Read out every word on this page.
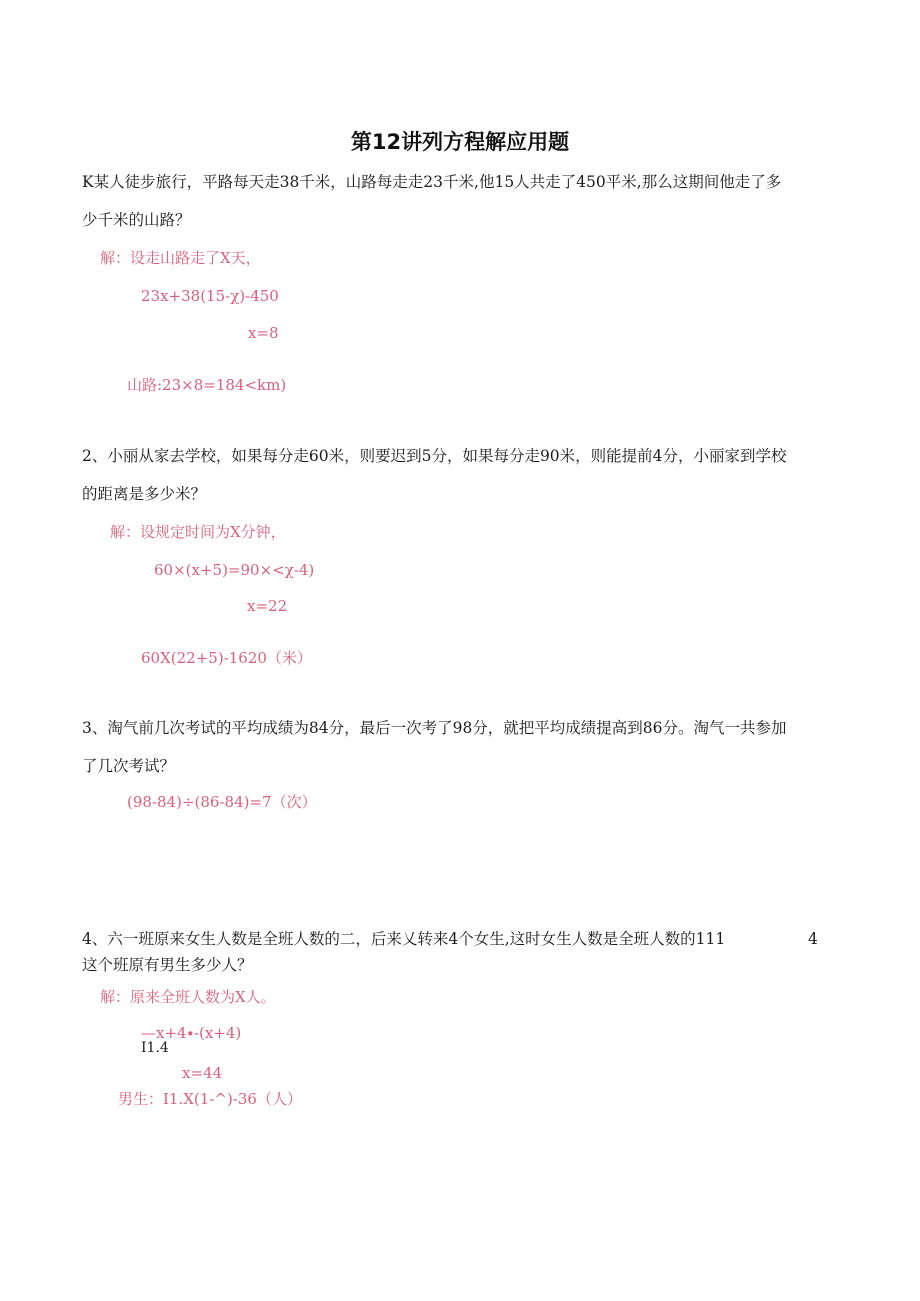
第12讲列方程解应用题
K某人徒步旅行，平路每天走38千米，山路每走走23千米,他15人共走了450平米,那么这期间他走了多
少千米的山路？
解：设走山路走了X天，
23x+38(15-χ)-450
x=8
山路:23×8=184<km)
2、小丽从家去学校，如果每分走60米，则要迟到5分，如果每分走90米，则能提前4分，小丽家到学校
的距离是多少米？
解：设规定时间为X分钟，
60×(x+5)=90×<χ-4)
x=22
60X(22+5)-1620（米）
3、淘气前几次考试的平均成绩为84分，最后一次考了98分，就把平均成绩提高到86分。淘气一共参加
了几次考试？
(98-84)÷(86-84)=7（次）
4、六一班原来女生人数是全班人数的二，后来乂转来4个女生,这时女生人数是全班人数的111	4
这个班原有男生多少人？
解：原来全班人数为X人。
—x+4∙-(x+4)
I1.4
x=44
男生：I1.X(1-^)-36（人）
